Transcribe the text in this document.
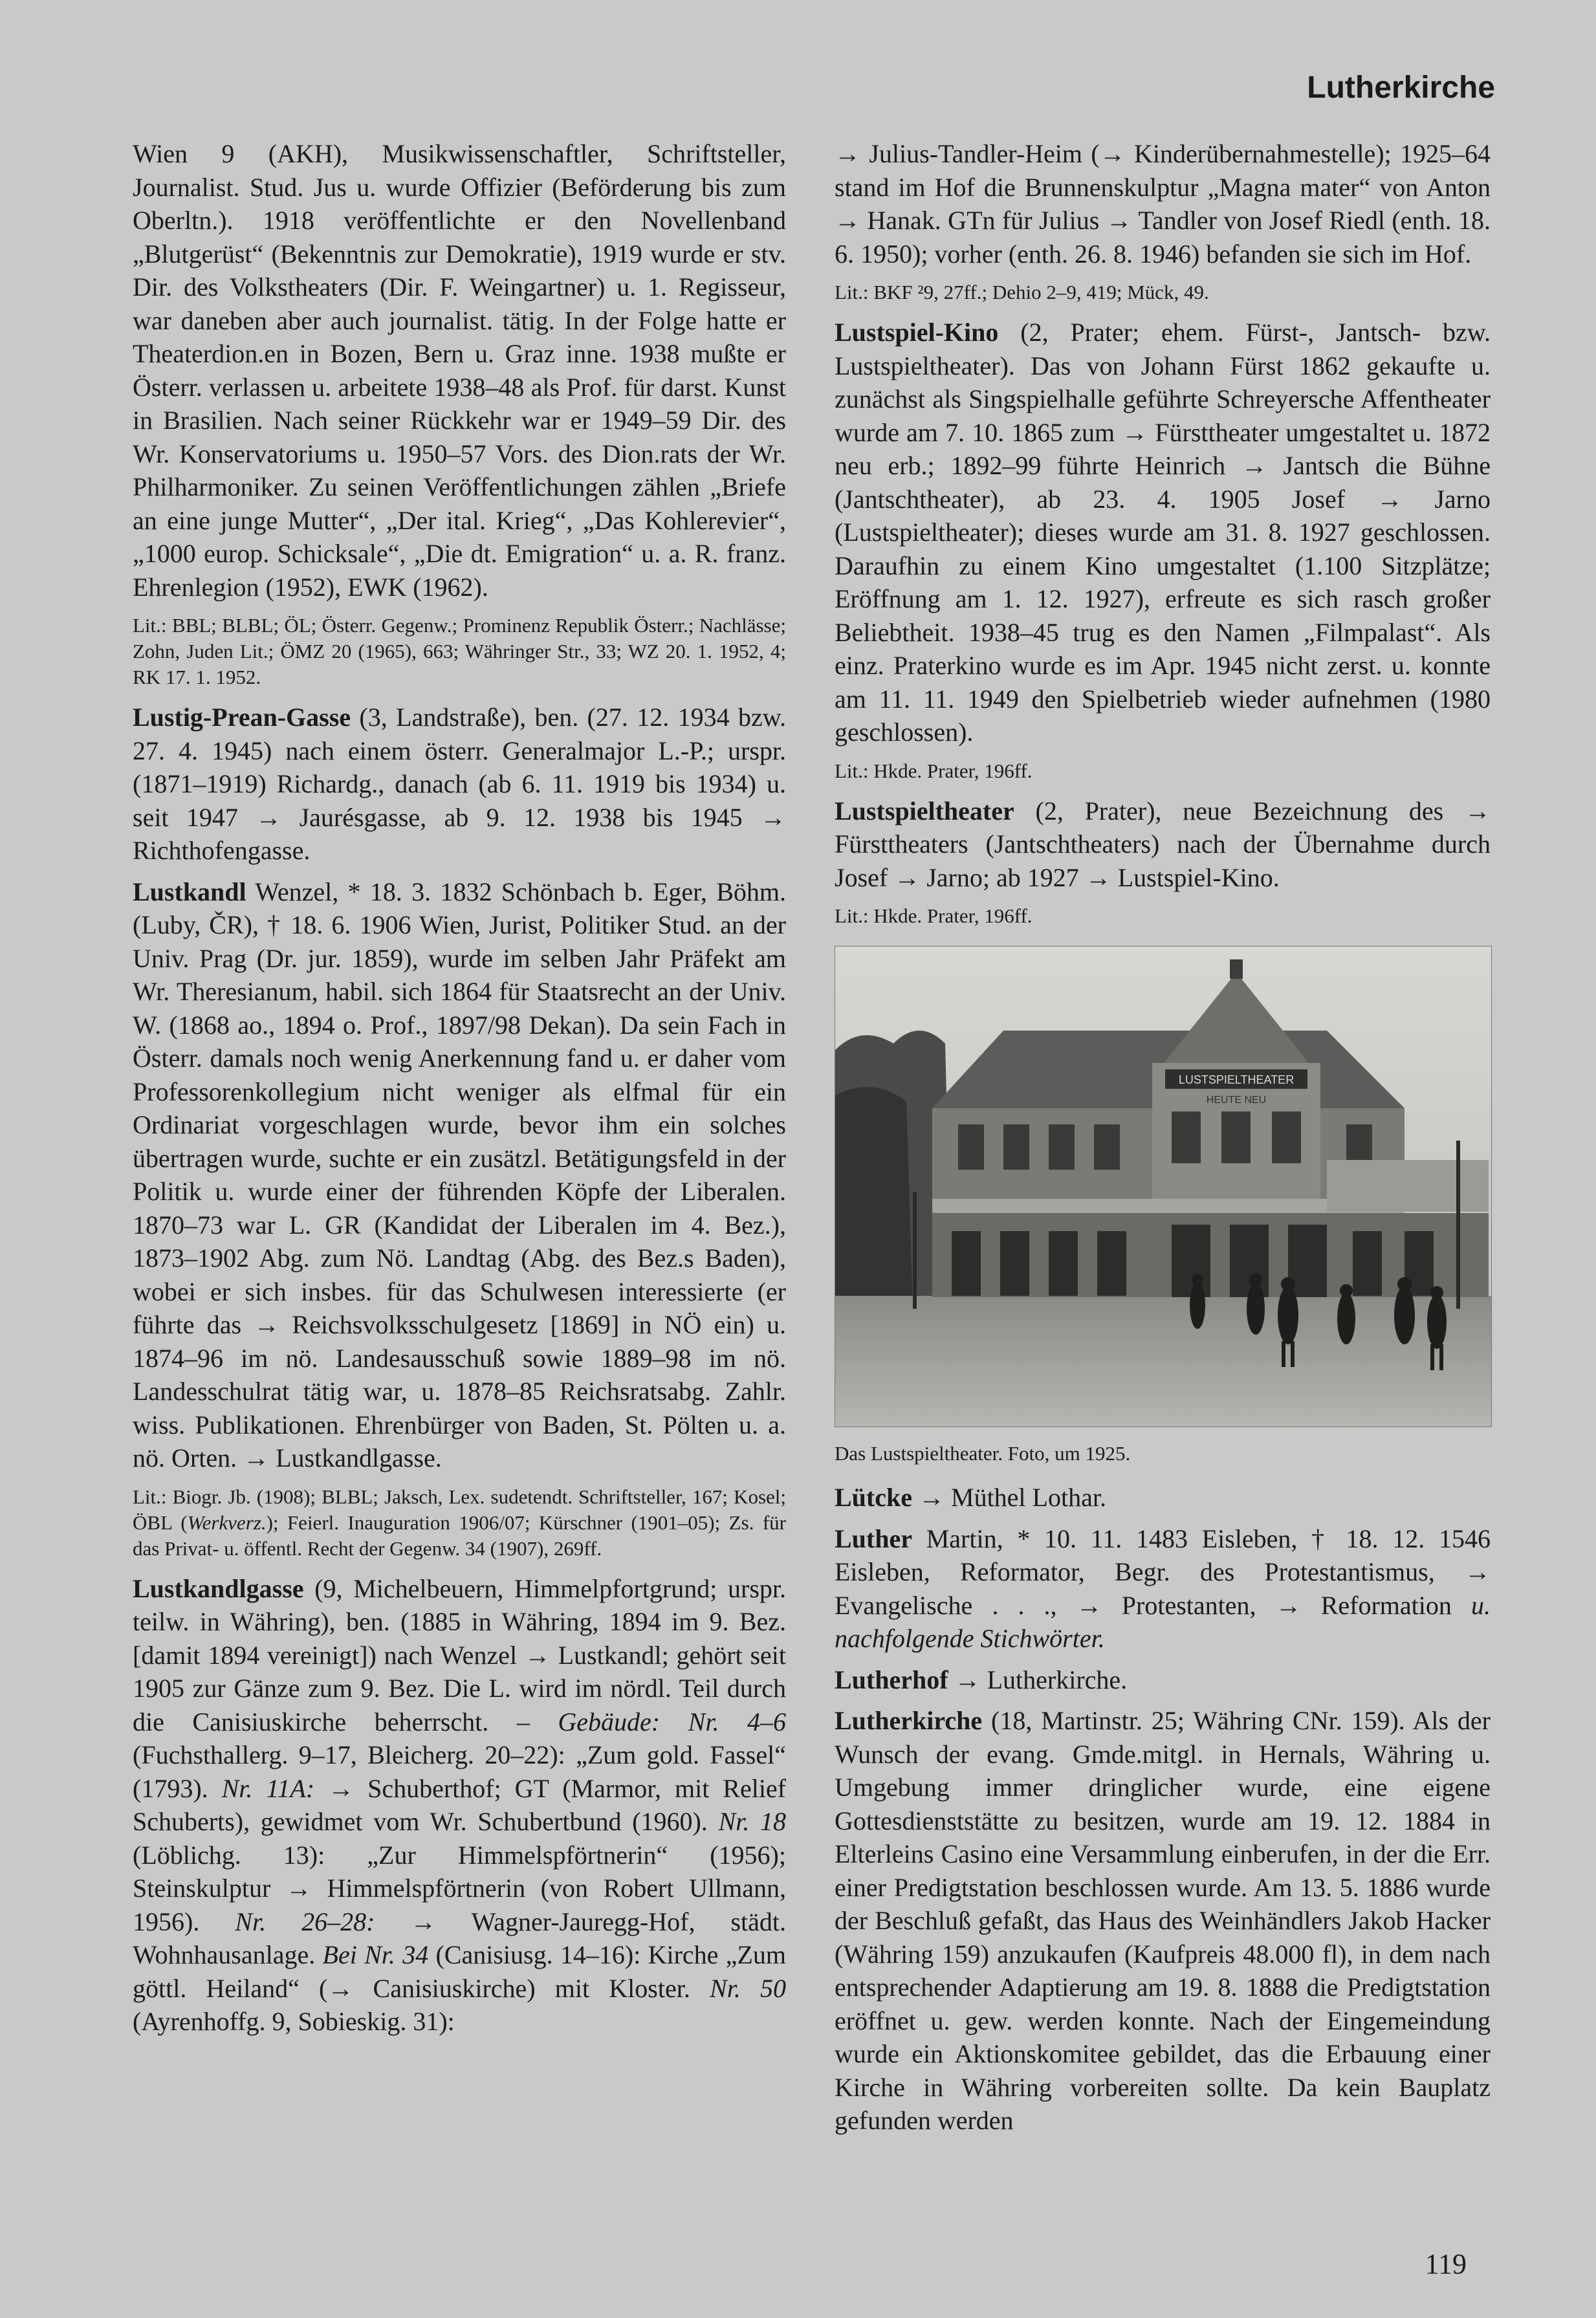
Lutherkirche

Wien 9 (AKH), Musikwissenschaftler, Schriftsteller, Journalist. Stud. Jus u. wurde Offizier (Beförderung bis zum Oberltn.). 1918 veröffentlichte er den Novellenband „Blutgerüst“ (Bekenntnis zur Demokratie), 1919 wurde er stv. Dir. des Volkstheaters (Dir. F. Weingartner) u. 1. Regisseur, war daneben aber auch journalist. tätig. In der Folge hatte er Theaterdion.en in Bozen, Bern u. Graz inne. 1938 mußte er Österr. verlassen u. arbeitete 1938–48 als Prof. für darst. Kunst in Brasilien. Nach seiner Rückkehr war er 1949–59 Dir. des Wr. Konservatoriums u. 1950–57 Vors. des Dion.rats der Wr. Philharmoniker. Zu seinen Veröffentlichungen zählen „Briefe an eine junge Mutter“, „Der ital. Krieg“, „Das Kohlerevier“, „1000 europ. Schicksale“, „Die dt. Emigration“ u. a. R. franz. Ehrenlegion (1952), EWK (1962).

Lit.: BBL; BLBL; ÖL; Österr. Gegenw.; Prominenz Republik Österr.; Nachlässe; Zohn, Juden Lit.; ÖMZ 20 (1965), 663; Währinger Str., 33; WZ 20. 1. 1952, 4; RK 17. 1. 1952.

Lustig-Prean-Gasse (3, Landstraße), ben. (27. 12. 1934 bzw. 27. 4. 1945) nach einem österr. Generalmajor L.-P.; urspr. (1871–1919) Richardg., danach (ab 6. 11. 1919 bis 1934) u. seit 1947 → Jaurésgasse, ab 9. 12. 1938 bis 1945 → Richthofengasse.

Lustkandl Wenzel, * 18. 3. 1832 Schönbach b. Eger, Böhm. (Luby, ČR), † 18. 6. 1906 Wien, Jurist, Politiker Stud. an der Univ. Prag (Dr. jur. 1859), wurde im selben Jahr Präfekt am Wr. Theresianum, habil. sich 1864 für Staatsrecht an der Univ. W. (1868 ao., 1894 o. Prof., 1897/98 Dekan). Da sein Fach in Österr. damals noch wenig Anerkennung fand u. er daher vom Professorenkollegium nicht weniger als elfmal für ein Ordinariat vorgeschlagen wurde, bevor ihm ein solches übertragen wurde, suchte er ein zusätzl. Betätigungsfeld in der Politik u. wurde einer der führenden Köpfe der Liberalen. 1870–73 war L. GR (Kandidat der Liberalen im 4. Bez.), 1873–1902 Abg. zum Nö. Landtag (Abg. des Bez.s Baden), wobei er sich insbes. für das Schulwesen interessierte (er führte das → Reichsvolksschulgesetz [1869] in NÖ ein) u. 1874–96 im nö. Landesausschuß sowie 1889–98 im nö. Landesschulrat tätig war, u. 1878–85 Reichsratsabg. Zahlr. wiss. Publikationen. Ehrenbürger von Baden, St. Pölten u. a. nö. Orten. → Lustkandlgasse.

Lit.: Biogr. Jb. (1908); BLBL; Jaksch, Lex. sudetendt. Schriftsteller, 167; Kosel; ÖBL (Werkverz.); Feierl. Inauguration 1906/07; Kürschner (1901–05); Zs. für das Privat- u. öffentl. Recht der Gegenw. 34 (1907), 269ff.

Lustkandlgasse (9, Michelbeuern, Himmelpfortgrund; urspr. teilw. in Währing), ben. (1885 in Währing, 1894 im 9. Bez. [damit 1894 vereinigt]) nach Wenzel → Lustkandl; gehört seit 1905 zur Gänze zum 9. Bez. Die L. wird im nördl. Teil durch die Canisiuskirche beherrscht. – Gebäude: Nr. 4–6 (Fuchsthallerg. 9–17, Bleicherg. 20–22): „Zum gold. Fassel“ (1793). Nr. 11A: → Schuberthof; GT (Marmor, mit Relief Schuberts), gewidmet vom Wr. Schubertbund (1960). Nr. 18 (Löblichg. 13): „Zur Himmelspförtnerin“ (1956); Steinskulptur → Himmelspförtnerin (von Robert Ullmann, 1956). Nr. 26–28: → Wagner-Jauregg-Hof, städt. Wohnhausanlage. Bei Nr. 34 (Canisiusg. 14–16): Kirche „Zum göttl. Heiland“ (→ Canisiuskirche) mit Kloster. Nr. 50 (Ayrenhoffg. 9, Sobieskig. 31):

→ Julius-Tandler-Heim (→ Kinderübernahmestelle); 1925–64 stand im Hof die Brunnenskulptur „Magna mater“ von Anton → Hanak. GTn für Julius → Tandler von Josef Riedl (enth. 18. 6. 1950); vorher (enth. 26. 8. 1946) befanden sie sich im Hof.

Lit.: BKF ²9, 27ff.; Dehio 2–9, 419; Mück, 49.

Lustspiel-Kino (2, Prater; ehem. Fürst-, Jantsch- bzw. Lustspieltheater). Das von Johann Fürst 1862 gekaufte u. zunächst als Singspielhalle geführte Schreyersche Affentheater wurde am 7. 10. 1865 zum → Fürsttheater umgestaltet u. 1872 neu erb.; 1892–99 führte Heinrich → Jantsch die Bühne (Jantschtheater), ab 23. 4. 1905 Josef → Jarno (Lustspieltheater); dieses wurde am 31. 8. 1927 geschlossen. Daraufhin zu einem Kino umgestaltet (1.100 Sitzplätze; Eröffnung am 1. 12. 1927), erfreute es sich rasch großer Beliebtheit. 1938–45 trug es den Namen „Filmpalast“. Als einz. Praterkino wurde es im Apr. 1945 nicht zerst. u. konnte am 11. 11. 1949 den Spielbetrieb wieder aufnehmen (1980 geschlossen).

Lit.: Hkde. Prater, 196ff.

Lustspieltheater (2, Prater), neue Bezeichnung des → Fürsttheaters (Jantschtheaters) nach der Übernahme durch Josef → Jarno; ab 1927 → Lustspiel-Kino.

Lit.: Hkde. Prater, 196ff.

LUSTSPIELTHEATER
HEUTE NEU
Das Lustspieltheater. Foto, um 1925.

Lütcke → Müthel Lothar.

Luther Martin, * 10. 11. 1483 Eisleben, † 18. 12. 1546 Eisleben, Reformator, Begr. des Protestantismus, → Evangelische . . ., → Protestanten, → Reformation u. nachfolgende Stichwörter.

Lutherhof → Lutherkirche.

Lutherkirche (18, Martinstr. 25; Währing CNr. 159). Als der Wunsch der evang. Gmde.mitgl. in Hernals, Währing u. Umgebung immer dringlicher wurde, eine eigene Gottesdienststätte zu besitzen, wurde am 19. 12. 1884 in Elterleins Casino eine Versammlung einberufen, in der die Err. einer Predigtstation beschlossen wurde. Am 13. 5. 1886 wurde der Beschluß gefaßt, das Haus des Weinhändlers Jakob Hacker (Währing 159) anzukaufen (Kaufpreis 48.000 fl), in dem nach entsprechender Adaptierung am 19. 8. 1888 die Predigtstation eröffnet u. gew. werden konnte. Nach der Eingemeindung wurde ein Aktionskomitee gebildet, das die Erbauung einer Kirche in Währing vorbereiten sollte. Da kein Bauplatz gefunden werden

119
